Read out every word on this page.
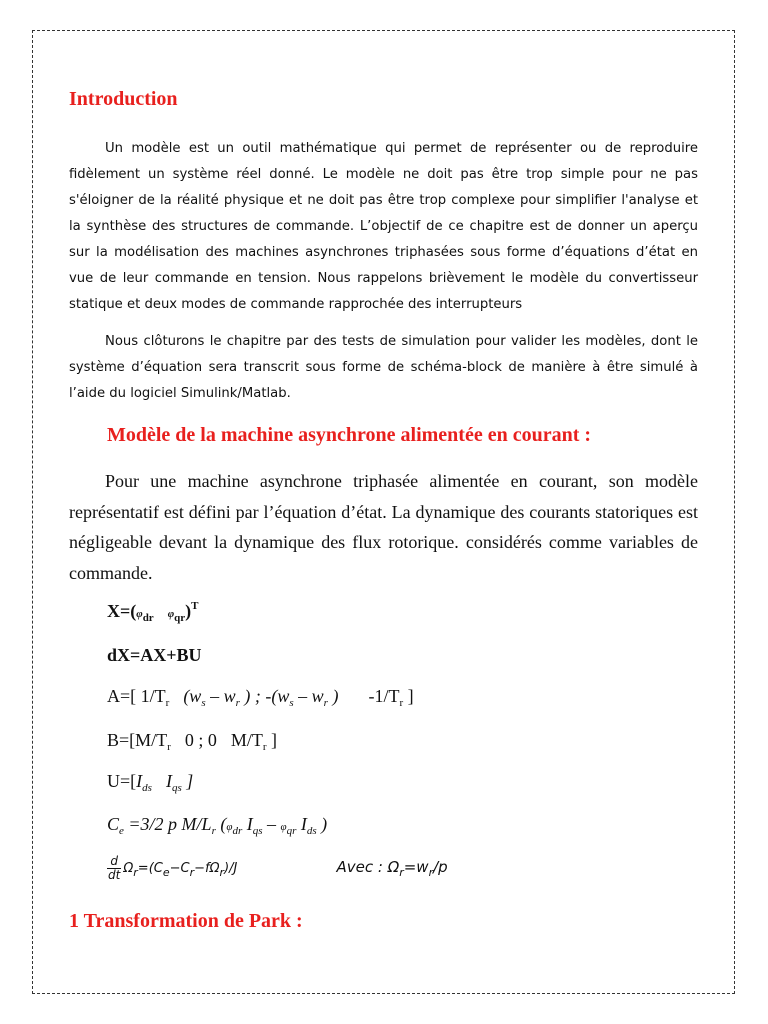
Introduction

Un modèle est un outil mathématique qui permet de représenter ou de reproduire fidèlement un système réel donné. Le modèle ne doit pas être trop simple pour ne pas s'éloigner de la réalité physique et ne doit pas être trop complexe pour simplifier l'analyse et la synthèse des structures de commande. L’objectif de ce chapitre est de donner un aperçu sur la modélisation des machines asynchrones triphasées sous forme d’équations d’état en vue de leur commande en tension. Nous rappelons brièvement le modèle du convertisseur statique et deux modes de commande rapprochée des interrupteurs

Nous clôturons le chapitre par des tests de simulation pour valider les modèles, dont le système d’équation sera transcrit sous forme de schéma-block de manière à être simulé à l’aide du logiciel Simulink/Matlab.

Modèle de la machine asynchrone alimentée en courant :

Pour une machine asynchrone triphasée alimentée en courant, son modèle représentatif est défini par l’équation d’état. La dynamique des courants statoriques est négligeable devant la dynamique des flux rotorique. considérés comme variables de commande.

$X=(\varphi_{dr}$ $\varphi_{qr})^T$
dX=AX+BU
A=[ $1/T_r$ ($w_s - w_r$ ) ; $-(w_s - w_r$ ) $-1/T_r$ ]
$B=[M/T_r$ 0 ; 0 $M/T_r$ ]
$U=[I_{ds}$ $I_{qs}$ ]
$C_e =3/2$ p $M/L_r$ ($\varphi_{dr}$ $I_{qs} - \varphi_{qr}$ $I_{ds}$ )
$\frac{d}{dt} \Omega_r=(C_e-C_r-f\Omega_r)/J$	Avec : $\Omega_r=w_r/p$
1 Transformation de Park :
